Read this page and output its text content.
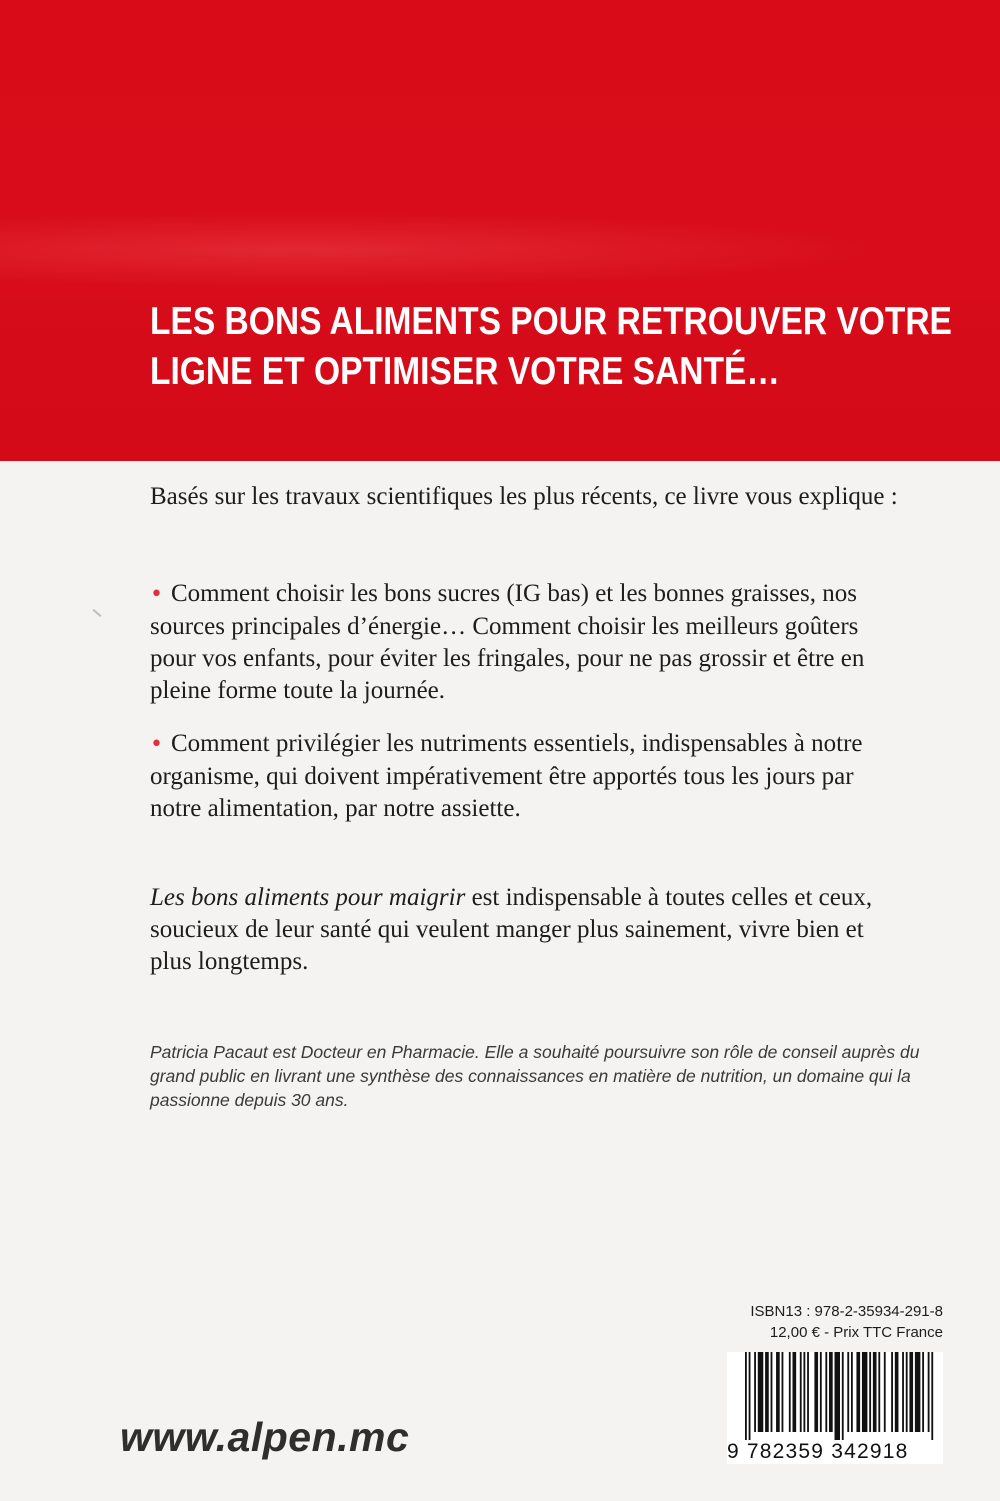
LES BONS ALIMENTS POUR RETROUVER VOTRE
LIGNE ET OPTIMISER VOTRE SANTÉ…

Basés sur les travaux scientifiques les plus récents, ce livre vous explique :

• Comment choisir les bons sucres (IG bas) et les bonnes graisses, nos sources principales d’énergie… Comment choisir les meilleurs goûters pour vos enfants, pour éviter les fringales, pour ne pas grossir et être en pleine forme toute la journée.

• Comment privilégier les nutriments essentiels, indispensables à notre organisme, qui doivent impérativement être apportés tous les jours par notre alimentation, par notre assiette.

Les bons aliments pour maigrir est indispensable à toutes celles et ceux, soucieux de leur santé qui veulent manger plus sainement, vivre bien et plus longtemps.

Patricia Pacaut est Docteur en Pharmacie. Elle a souhaité poursuivre son rôle de conseil auprès du grand public en livrant une synthèse des connaissances en matière de nutrition, un domaine qui la passionne depuis 30 ans.

ISBN13 : 978-2-35934-291-8
12,00 € - Prix TTC France
9 782359 342918

www.alpen.mc
